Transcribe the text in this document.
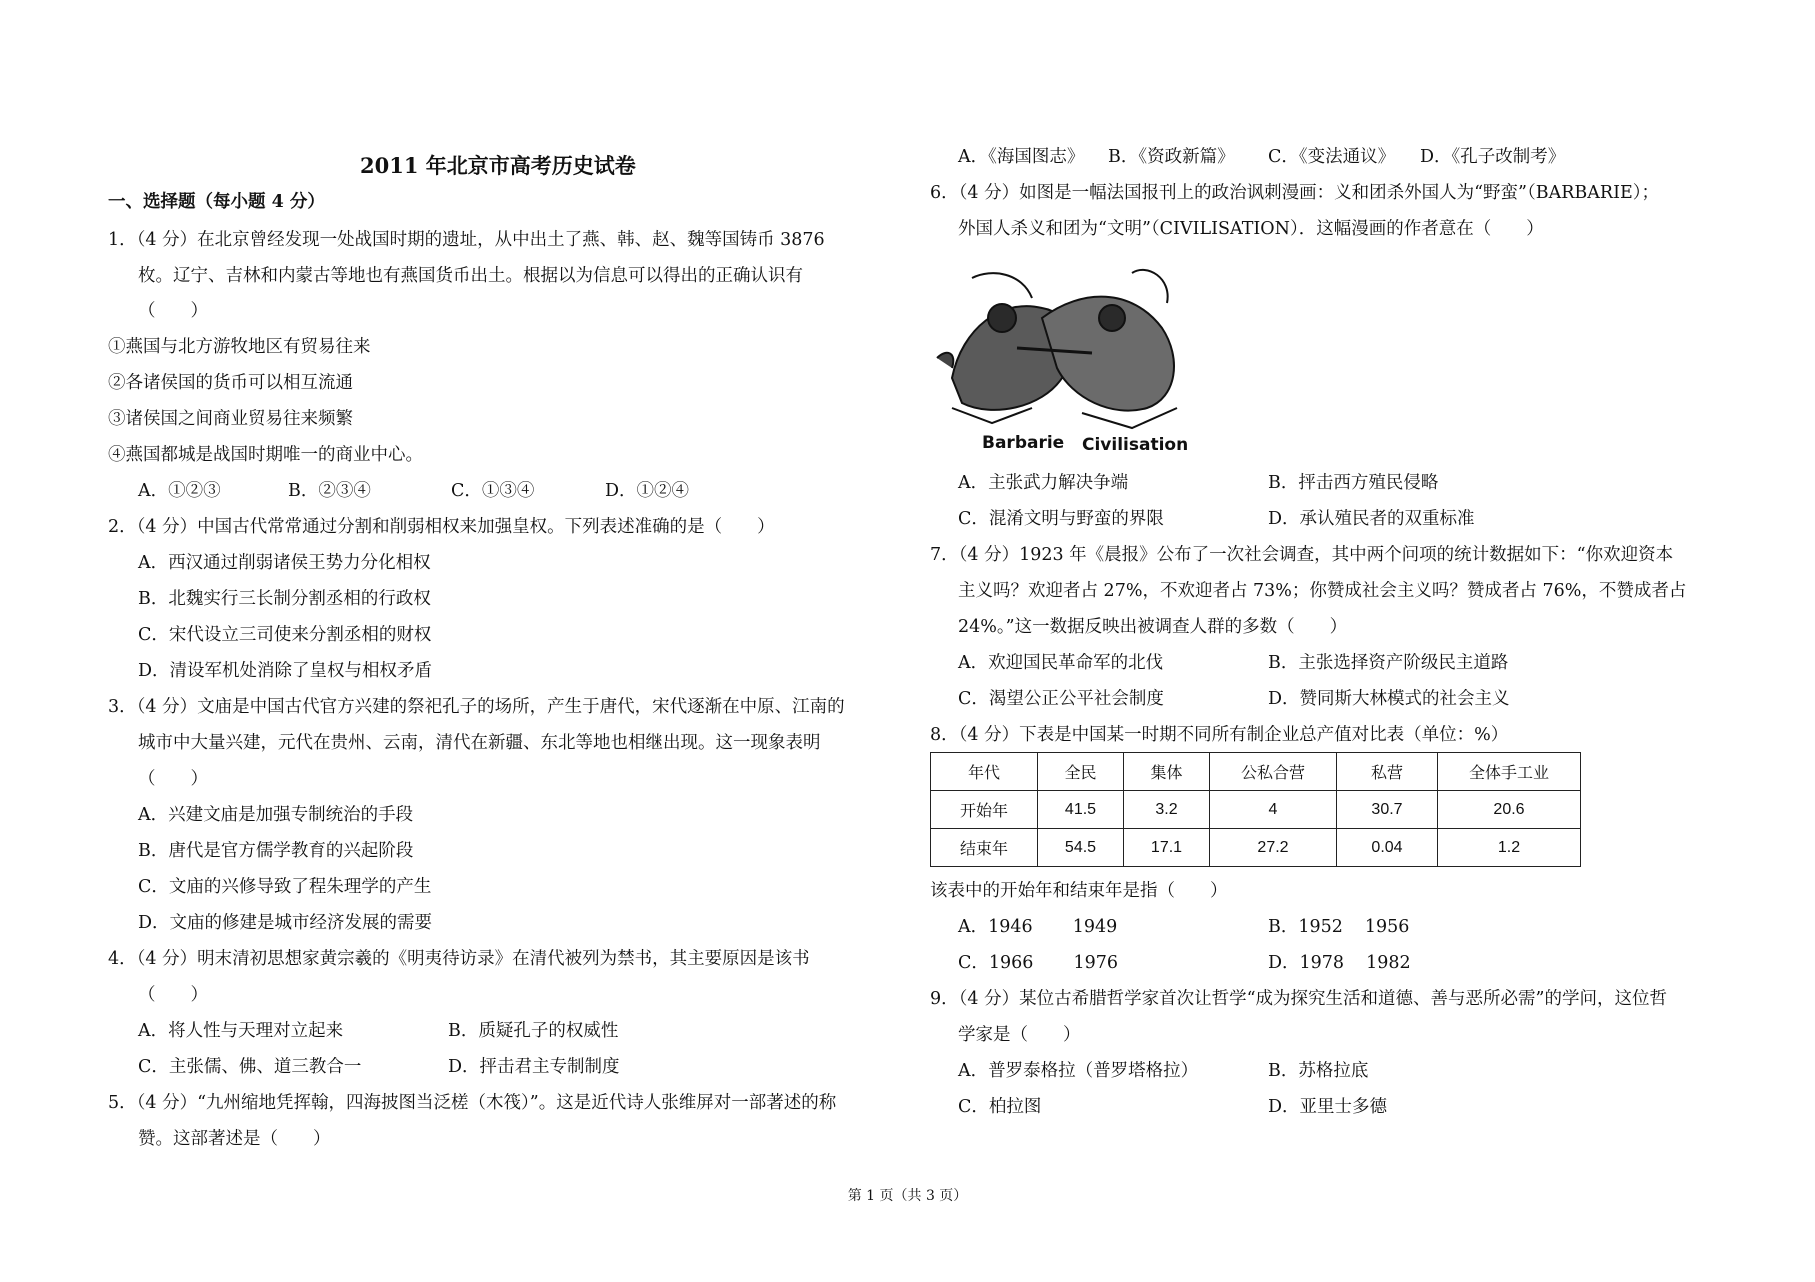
2011 年北京市高考历史试卷
一、选择题（每小题 4 分）
1．（4 分）在北京曾经发现一处战国时期的遗址，从中出土了燕、韩、赵、魏等国铸币 3876
枚。辽宁、吉林和内蒙古等地也有燕国货币出土。根据以为信息可以得出的正确认识有
（　　）
①燕国与北方游牧地区有贸易往来
②各诸侯国的货币可以相互流通
③诸侯国之间商业贸易往来频繁
④燕国都城是战国时期唯一的商业中心。
A．①②③	B．②③④	C．①③④	D．①②④
2．（4 分）中国古代常常通过分割和削弱相权来加强皇权。下列表述准确的是（　　）
A．西汉通过削弱诸侯王势力分化相权
B．北魏实行三长制分割丞相的行政权
C．宋代设立三司使来分割丞相的财权
D．清设军机处消除了皇权与相权矛盾
3．（4 分）文庙是中国古代官方兴建的祭祀孔子的场所，产生于唐代，宋代逐渐在中原、江南的
城市中大量兴建，元代在贵州、云南，清代在新疆、东北等地也相继出现。这一现象表明
（　　）
A．兴建文庙是加强专制统治的手段
B．唐代是官方儒学教育的兴起阶段
C．文庙的兴修导致了程朱理学的产生
D．文庙的修建是城市经济发展的需要
4．（4 分）明末清初思想家黄宗羲的《明夷待访录》在清代被列为禁书，其主要原因是该书
（　　）
A．将人性与天理对立起来	B．质疑孔子的权威性
C．主张儒、佛、道三教合一	D．抨击君主专制制度
5．（4 分）“九州缩地凭挥翰，四海披图当泛槎（木筏）”。这是近代诗人张维屏对一部著述的称
赞。这部著述是（　　）
A．《海国图志》 B．《资政新篇》 C．《变法通议》 D．《孔子改制考》
6．（4 分）如图是一幅法国报刊上的政治讽刺漫画：义和团杀外国人为“野蛮”（BARBARIE）；
外国人杀义和团为“文明”（CIVILISATION）．这幅漫画的作者意在（　　）
Barbarie Civilisation
A．主张武力解决争端	B．抨击西方殖民侵略
C．混淆文明与野蛮的界限	D．承认殖民者的双重标准
7．（4 分）1923 年《晨报》公布了一次社会调查，其中两个问项的统计数据如下：“你欢迎资本
主义吗？欢迎者占 27%，不欢迎者占 73%；你赞成社会主义吗？赞成者占 76%，不赞成者占
24%。”这一数据反映出被调查人群的多数（　　）
A．欢迎国民革命军的北伐	B．主张选择资产阶级民主道路
C．渴望公正公平社会制度	D．赞同斯大林模式的社会主义
8．（4 分）下表是中国某一时期不同所有制企业总产值对比表（单位：%）
年代	全民	集体	公私合营	私营	全体手工业
开始年	41.5	3.2	4	30.7	20.6
结束年	54.5	17.1	27.2	0.04	1.2
该表中的开始年和结束年是指（　　）
A．1946 1949	B．1952 1956
C．1966 1976	D．1978 1982
9．（4 分）某位古希腊哲学家首次让哲学“成为探究生活和道德、善与恶所必需”的学问，这位哲
学家是（　　）
A．普罗泰格拉（普罗塔格拉）	B．苏格拉底
C．柏拉图	D．亚里士多德
第 1 页（共 3 页）
